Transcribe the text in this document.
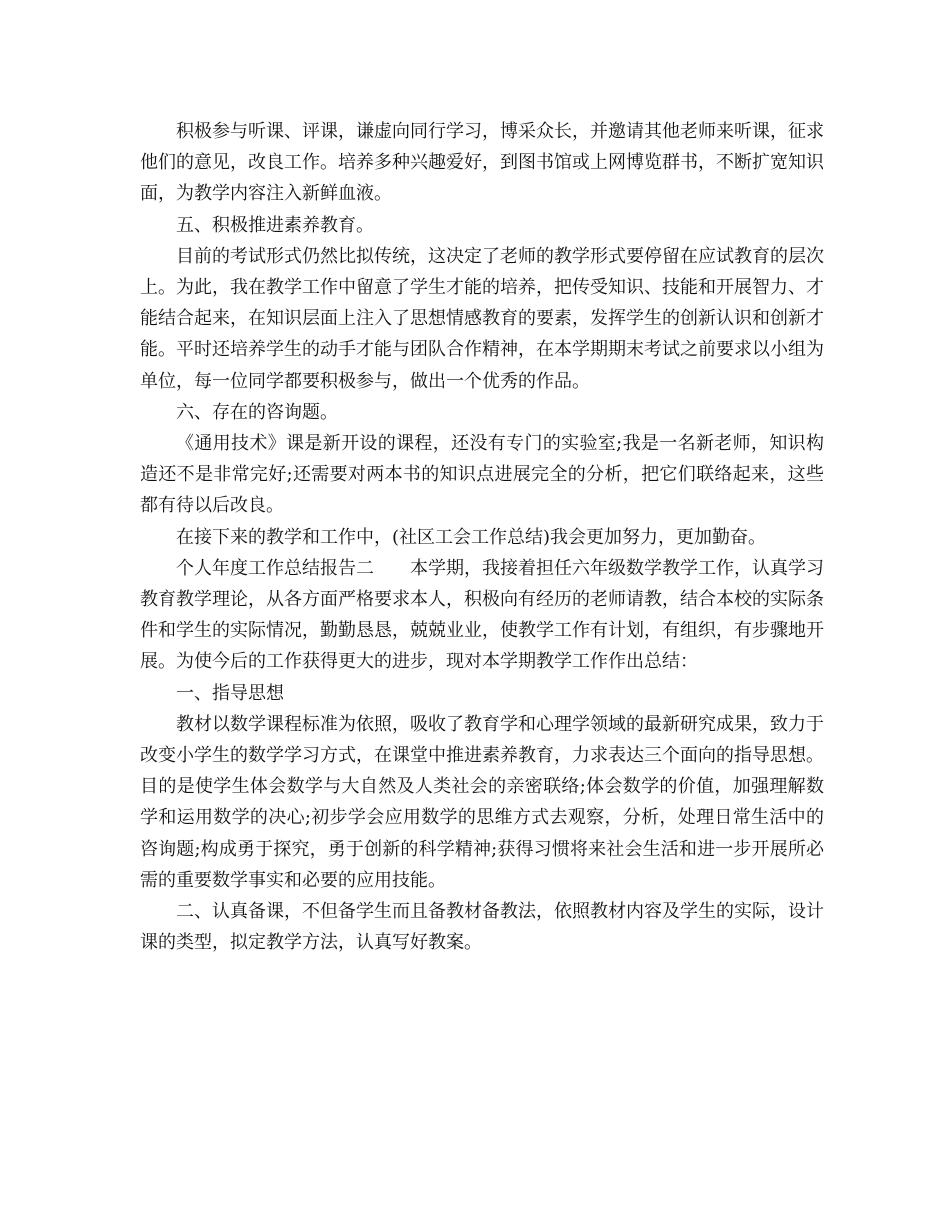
积极参与听课、评课，谦虚向同行学习，博采众长，并邀请其他老师来听课，征求他们的意见，改良工作。培养多种兴趣爱好，到图书馆或上网博览群书，不断扩宽知识面，为教学内容注入新鲜血液。

五、积极推进素养教育。

目前的考试形式仍然比拟传统，这决定了老师的教学形式要停留在应试教育的层次上。为此，我在教学工作中留意了学生才能的培养，把传受知识、技能和开展智力、才能结合起来，在知识层面上注入了思想情感教育的要素，发挥学生的创新认识和创新才能。平时还培养学生的动手才能与团队合作精神，在本学期期末考试之前要求以小组为单位，每一位同学都要积极参与，做出一个优秀的作品。

六、存在的咨询题。

《通用技术》课是新开设的课程，还没有专门的实验室;我是一名新老师，知识构造还不是非常完好;还需要对两本书的知识点进展完全的分析，把它们联络起来，这些都有待以后改良。

在接下来的教学和工作中，(社区工会工作总结)我会更加努力，更加勤奋。

个人年度工作总结报告二　　本学期，我接着担任六年级数学教学工作，认真学习教育教学理论，从各方面严格要求本人，积极向有经历的老师请教，结合本校的实际条件和学生的实际情况，勤勤恳恳，兢兢业业，使教学工作有计划，有组织，有步骤地开展。为使今后的工作获得更大的进步，现对本学期教学工作作出总结：

一、指导思想

教材以数学课程标准为依照，吸收了教育学和心理学领域的最新研究成果，致力于改变小学生的数学学习方式，在课堂中推进素养教育，力求表达三个面向的指导思想。目的是使学生体会数学与大自然及人类社会的亲密联络;体会数学的价值，加强理解数学和运用数学的决心;初步学会应用数学的思维方式去观察，分析，处理日常生活中的咨询题;构成勇于探究，勇于创新的科学精神;获得习惯将来社会生活和进一步开展所必需的重要数学事实和必要的应用技能。

二、认真备课，不但备学生而且备教材备教法，依照教材内容及学生的实际，设计课的类型，拟定教学方法，认真写好教案。
